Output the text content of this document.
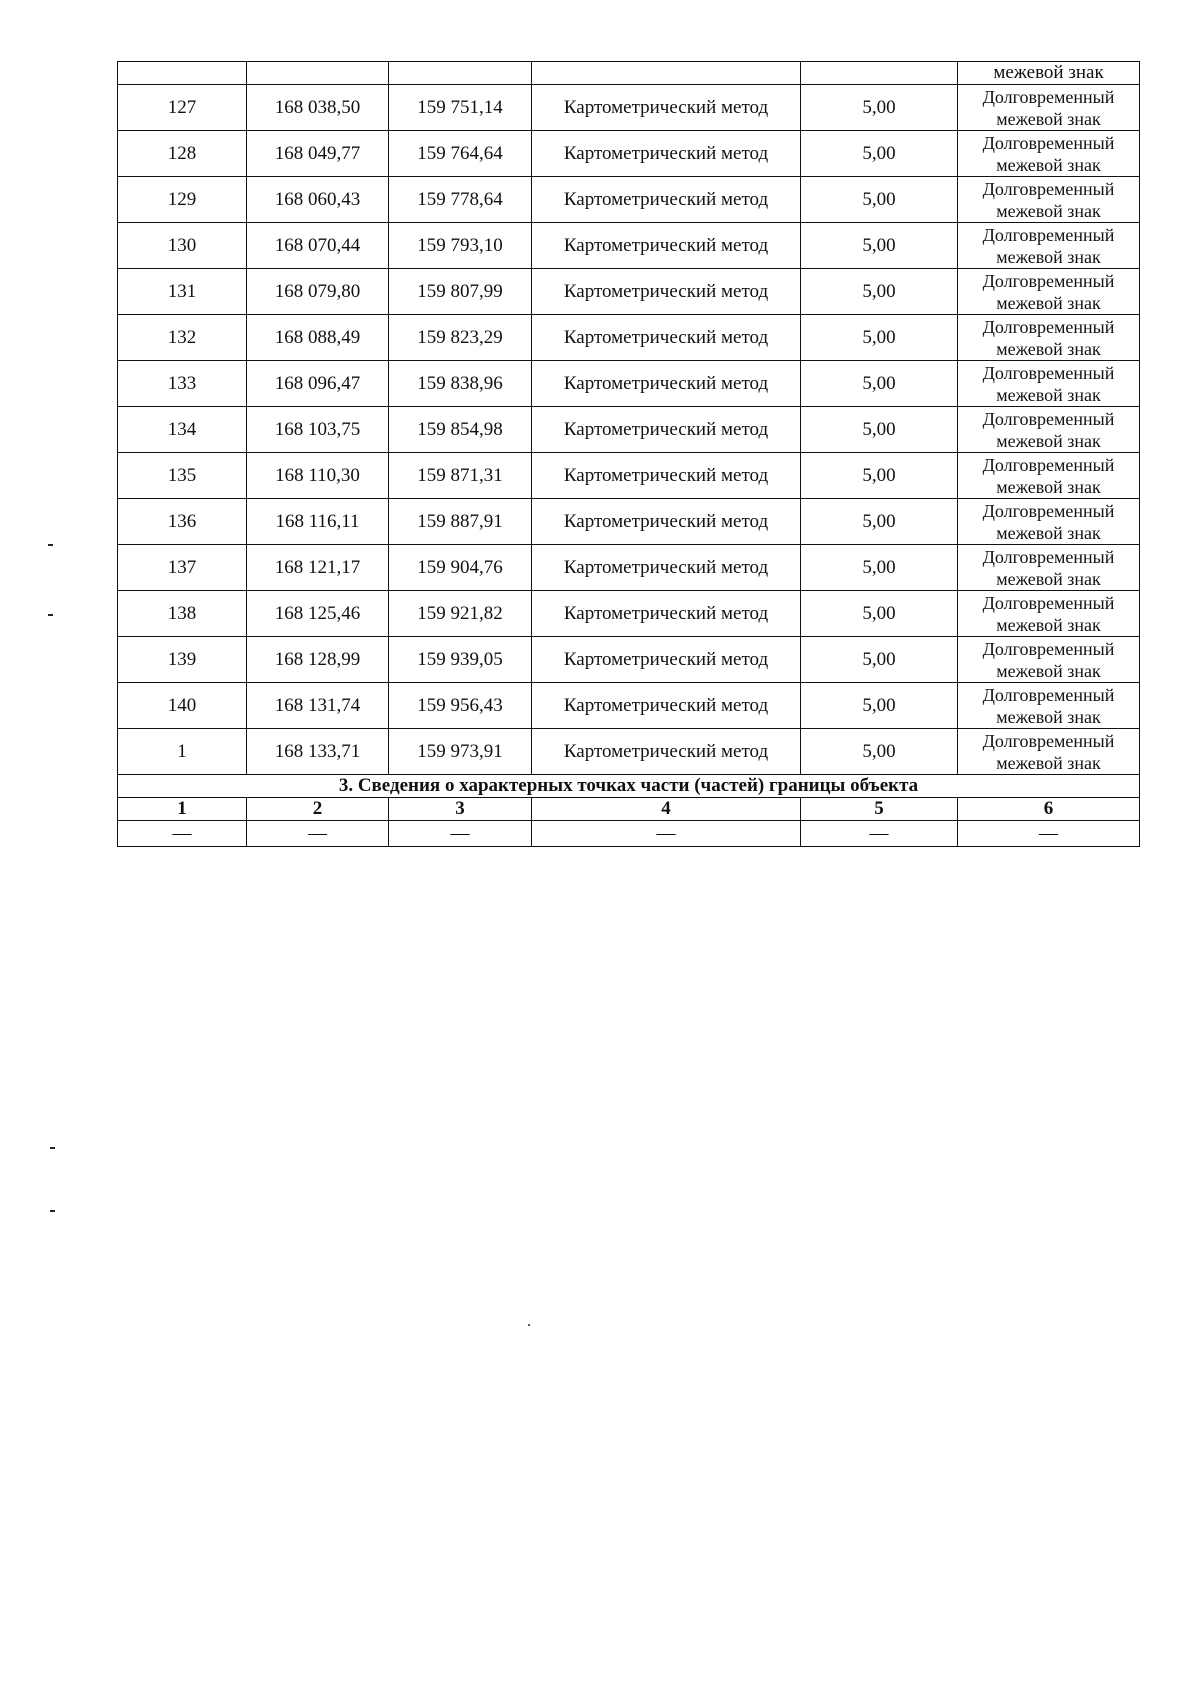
					межевой знак
127	168 038,50	159 751,14	Картометрический метод	5,00	Долговременный межевой знак
128	168 049,77	159 764,64	Картометрический метод	5,00	Долговременный межевой знак
129	168 060,43	159 778,64	Картометрический метод	5,00	Долговременный межевой знак
130	168 070,44	159 793,10	Картометрический метод	5,00	Долговременный межевой знак
131	168 079,80	159 807,99	Картометрический метод	5,00	Долговременный межевой знак
132	168 088,49	159 823,29	Картометрический метод	5,00	Долговременный межевой знак
133	168 096,47	159 838,96	Картометрический метод	5,00	Долговременный межевой знак
134	168 103,75	159 854,98	Картометрический метод	5,00	Долговременный межевой знак
135	168 110,30	159 871,31	Картометрический метод	5,00	Долговременный межевой знак
136	168 116,11	159 887,91	Картометрический метод	5,00	Долговременный межевой знак
137	168 121,17	159 904,76	Картометрический метод	5,00	Долговременный межевой знак
138	168 125,46	159 921,82	Картометрический метод	5,00	Долговременный межевой знак
139	168 128,99	159 939,05	Картометрический метод	5,00	Долговременный межевой знак
140	168 131,74	159 956,43	Картометрический метод	5,00	Долговременный межевой знак
1	168 133,71	159 973,91	Картометрический метод	5,00	Долговременный межевой знак
3. Сведения о характерных точках части (частей) границы объекта					
1	2	3	4	5	6
—	—	—	—	—	—
